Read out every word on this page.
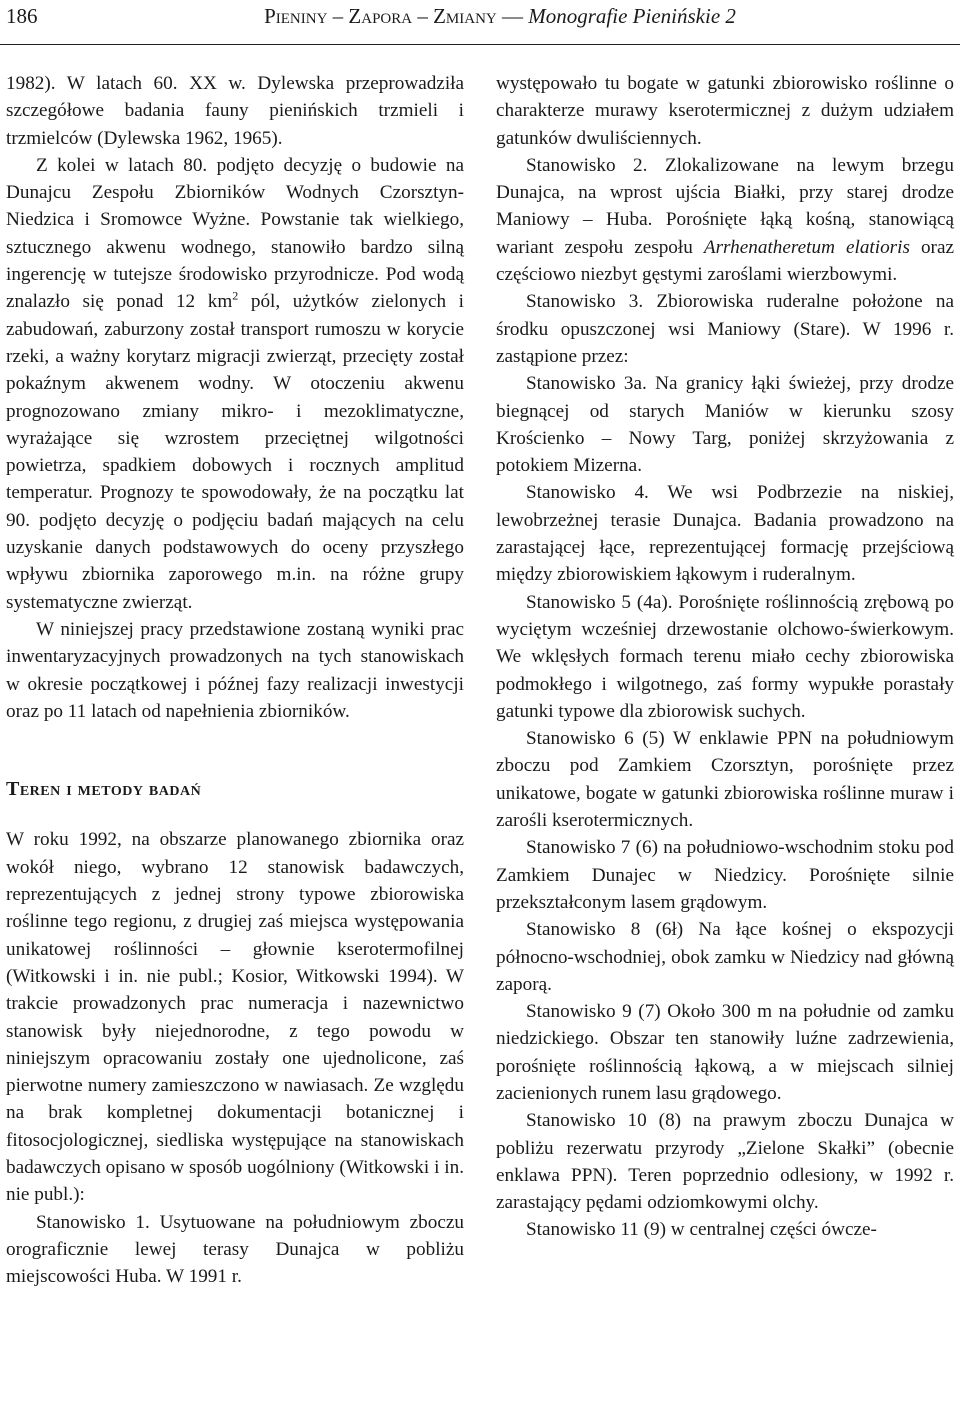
186	Pieniny – Zapora – Zmiany — Monografie Pienińskie 2

1982). W latach 60. XX w. Dylewska przeprowadziła szczegółowe badania fauny pienińskich trzmieli i trzmielców (Dylewska 1962, 1965).

Z kolei w latach 80. podjęto decyzję o budowie na Dunajcu Zespołu Zbiorników Wodnych Czorsztyn-Niedzica i Sromowce Wyżne. Powstanie tak wielkiego, sztucznego akwenu wodnego, stanowiło bardzo silną ingerencję w tutejsze środowisko przyrodnicze. Pod wodą znalazło się ponad 12 $km^2$ pól, użytków zielonych i zabudowań, zaburzony został transport rumoszu w korycie rzeki, a ważny korytarz migracji zwierząt, przecięty został pokaźnym akwenem wodny. W otoczeniu akwenu prognozowano zmiany mikro- i mezoklimatyczne, wyrażające się wzrostem przeciętnej wilgotności powietrza, spadkiem dobowych i rocznych amplitud temperatur. Prognozy te spowodowały, że na początku lat 90. podjęto decyzję o podjęciu badań mających na celu uzyskanie danych podstawowych do oceny przyszłego wpływu zbiornika zaporowego m.in. na różne grupy systematyczne zwierząt.

W niniejszej pracy przedstawione zostaną wyniki prac inwentaryzacyjnych prowadzonych na tych stanowiskach w okresie początkowej i późnej fazy realizacji inwestycji oraz po 11 latach od napełnienia zbiorników.

Teren i metody badań

W roku 1992, na obszarze planowanego zbiornika oraz wokół niego, wybrano 12 stanowisk badawczych, reprezentujących z jednej strony typowe zbiorowiska roślinne tego regionu, z drugiej zaś miejsca występowania unikatowej roślinności – głownie kserotermofilnej (Witkowski i in. nie publ.; Kosior, Witkowski 1994). W trakcie prowadzonych prac numeracja i nazewnictwo stanowisk były niejednorodne, z tego powodu w niniejszym opracowaniu zostały one ujednolicone, zaś pierwotne numery zamieszczono w nawiasach. Ze względu na brak kompletnej dokumentacji botanicznej i fitosocjologicznej, siedliska występujące na stanowiskach badawczych opisano w sposób uogólniony (Witkowski i in. nie publ.):

Stanowisko 1. Usytuowane na południowym zboczu orograficznie lewej terasy Dunajca w pobliżu miejscowości Huba. W 1991 r.

występowało tu bogate w gatunki zbiorowisko roślinne o charakterze murawy kserotermicznej z dużym udziałem gatunków dwuliściennych.

Stanowisko 2. Zlokalizowane na lewym brzegu Dunajca, na wprost ujścia Białki, przy starej drodze Maniowy – Huba. Porośnięte łąką kośną, stanowiącą wariant zespołu zespołu Arrhenatheretum elatioris oraz częściowo niezbyt gęstymi zaroślami wierzbowymi.

Stanowisko 3. Zbiorowiska ruderalne położone na środku opuszczonej wsi Maniowy (Stare). W 1996 r. zastąpione przez:

Stanowisko 3a. Na granicy łąki świeżej, przy drodze biegnącej od starych Maniów w kierunku szosy Krościenko – Nowy Targ, poniżej skrzyżowania z potokiem Mizerna.

Stanowisko 4. We wsi Podbrzezie na niskiej, lewobrzeżnej terasie Dunajca. Badania prowadzono na zarastającej łące, reprezentującej formację przejściową między zbiorowiskiem łąkowym i ruderalnym.

Stanowisko 5 (4a). Porośnięte roślinnością zrębową po wyciętym wcześniej drzewostanie olchowo-świerkowym. We wklęsłych formach terenu miało cechy zbiorowiska podmokłego i wilgotnego, zaś formy wypukłe porastały gatunki typowe dla zbiorowisk suchych.

Stanowisko 6 (5) W enklawie PPN na południowym zboczu pod Zamkiem Czorsztyn, porośnięte przez unikatowe, bogate w gatunki zbiorowiska roślinne muraw i zarośli kserotermicznych.

Stanowisko 7 (6) na południowo-wschodnim stoku pod Zamkiem Dunajec w Niedzicy. Porośnięte silnie przekształconym lasem grądowym.

Stanowisko 8 (6ł) Na łące kośnej o ekspozycji północno-wschodniej, obok zamku w Niedzicy nad główną zaporą.

Stanowisko 9 (7) Około 300 m na południe od zamku niedzickiego. Obszar ten stanowiły luźne zadrzewienia, porośnięte roślinnością łąkową, a w miejscach silniej zacienionych runem lasu grądowego.

Stanowisko 10 (8) na prawym zboczu Dunajca w pobliżu rezerwatu przyrody „Zielone Skałki” (obecnie enklawa PPN). Teren poprzednio odlesiony, w 1992 r. zarastający pędami odziomkowymi olchy.

Stanowisko 11 (9) w centralnej części ówcze-
